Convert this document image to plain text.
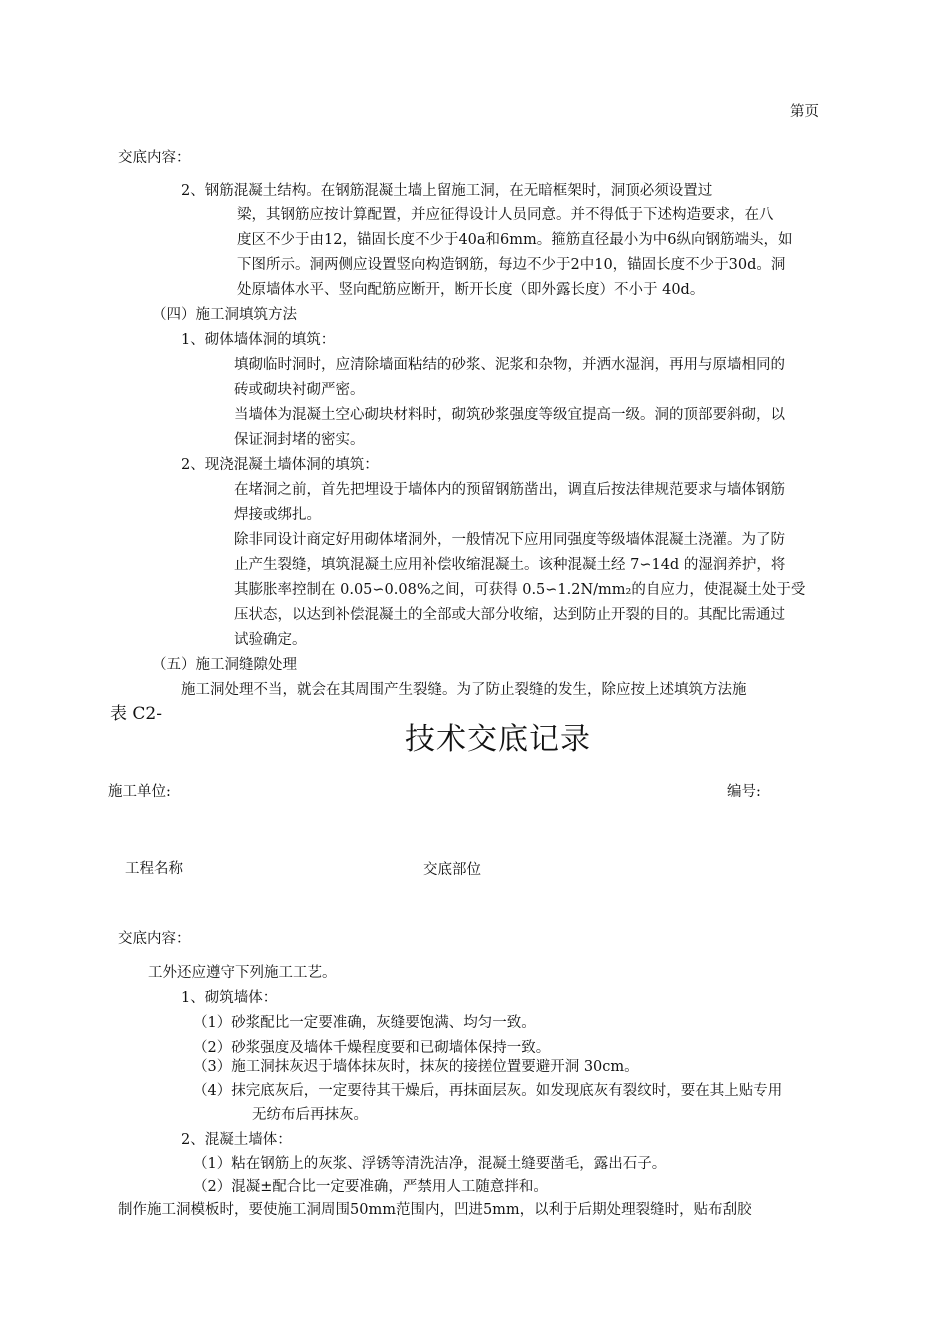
第页
交底内容：
2、钢筋混凝土结构。在钢筋混凝土墙上留施工洞，在无暗框架时，洞顶必须设置过
梁，其钢筋应按计算配置，并应征得设计人员同意。并不得低于下述构造要求，在八
度区不少于由12，锚固长度不少于40a和6mm。箍筋直径最小为中6纵向钢筋端头，如
下图所示。洞两侧应设置竖向构造钢筋，每边不少于2中10，锚固长度不少于30d。洞
处原墙体水平、竖向配筋应断开，断开长度（即外露长度）不小于 40d。
（四）施工洞填筑方法
1、砌体墙体洞的填筑：
填砌临时洞时，应清除墙面粘结的砂浆、泥浆和杂物，并洒水湿润，再用与原墙相同的
砖或砌块衬砌严密。
当墙体为混凝土空心砌块材料时，砌筑砂浆强度等级宜提高一级。洞的顶部要斜砌，以
保证洞封堵的密实。
2、现浇混凝土墙体洞的填筑：
在堵洞之前，首先把埋设于墙体内的预留钢筋凿出，调直后按法律规范要求与墙体钢筋
焊接或绑扎。
除非同设计商定好用砌体堵洞外，一般情况下应用同强度等级墙体混凝土浇灌。为了防
止产生裂缝，填筑混凝土应用补偿收缩混凝土。该种混凝土经 7∽14d 的湿润养护，将
其膨胀率控制在 0.05∽0.08%之间，可获得 0.5∽1.2N/mm₂的自应力，使混凝土处于受
压状态，以达到补偿混凝土的全部或大部分收缩，达到防止开裂的目的。其配比需通过
试验确定。
（五）施工洞缝隙处理
施工洞处理不当，就会在其周围产生裂缝。为了防止裂缝的发生，除应按上述填筑方法施
表 C2-
技术交底记录
施工单位:	编号:
工程名称	交底部位
交底内容：
工外还应遵守下列施工工艺。
1、砌筑墙体：
（1）砂浆配比一定要准确，灰缝要饱满、均匀一致。
（2）砂浆强度及墙体千燥程度要和已砌墙体保持一致。
（3）施工洞抹灰迟于墙体抹灰时，抹灰的接搓位置要避开洞 30cm。
（4）抹完底灰后，一定要待其干燥后，再抹面层灰。如发现底灰有裂纹时，要在其上贴专用
无纺布后再抹灰。
2、混凝土墙体：
（1）粘在钢筋上的灰浆、浮锈等清洗洁净，混凝土缝要凿毛，露出石子。
（2）混凝±配合比一定要准确，严禁用人工随意拌和。
制作施工洞模板时，要使施工洞周围50mm范围内，凹进5mm，以利于后期处理裂缝时，贴布刮胶
